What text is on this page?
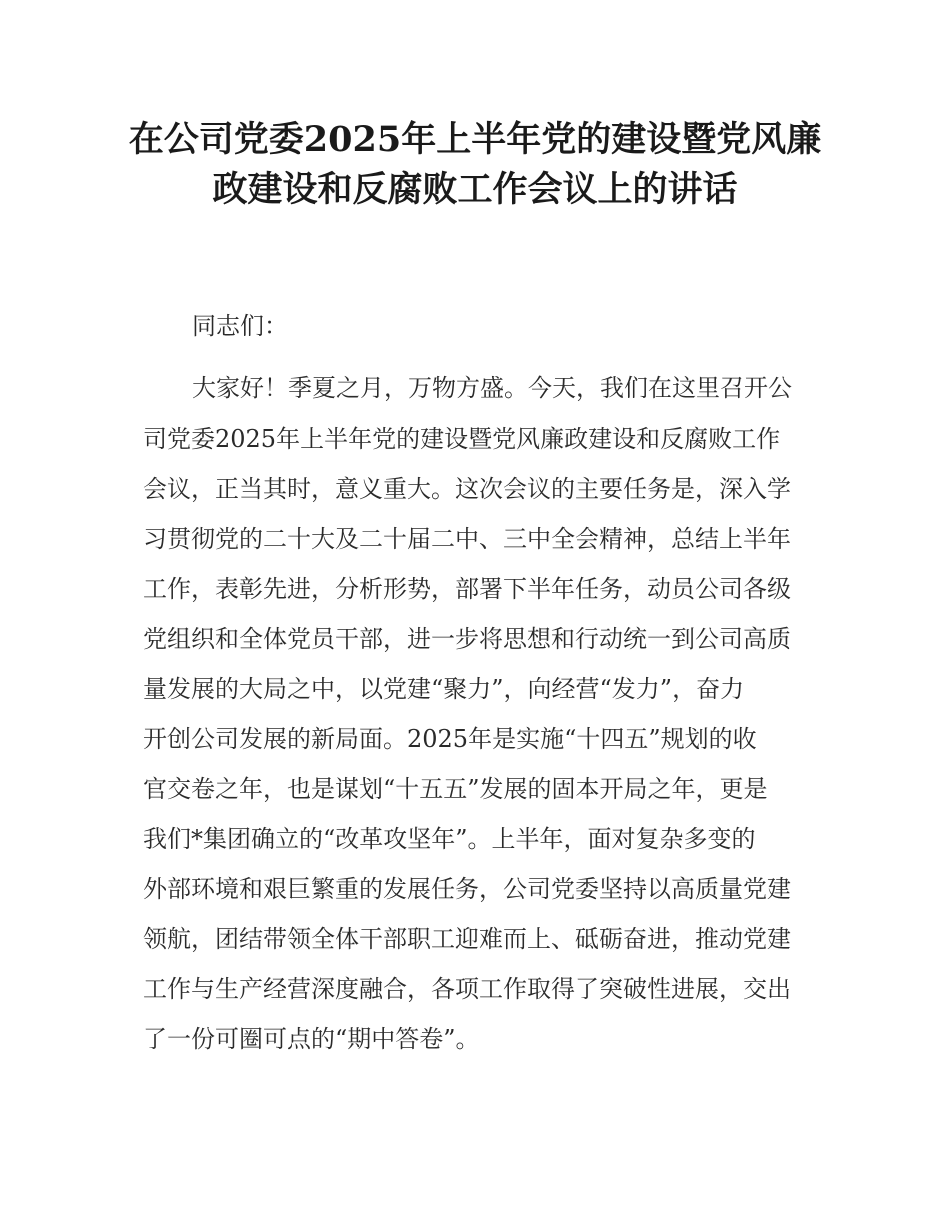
在公司党委2025年上半年党的建设暨党风廉
政建设和反腐败工作会议上的讲话
同志们：
大家好！季夏之月，万物方盛。今天，我们在这里召开公
司党委2025年上半年党的建设暨党风廉政建设和反腐败工作
会议，正当其时，意义重大。这次会议的主要任务是，深入学
习贯彻党的二十大及二十届二中、三中全会精神，总结上半年
工作，表彰先进，分析形势，部署下半年任务，动员公司各级
党组织和全体党员干部，进一步将思想和行动统一到公司高质
量发展的大局之中，以党建“聚力”，向经营“发力”，奋力
开创公司发展的新局面。2025年是实施“十四五”规划的收
官交卷之年，也是谋划“十五五”发展的固本开局之年，更是
我们*集团确立的“改革攻坚年”。上半年，面对复杂多变的
外部环境和艰巨繁重的发展任务，公司党委坚持以高质量党建
领航，团结带领全体干部职工迎难而上、砥砺奋进，推动党建
工作与生产经营深度融合，各项工作取得了突破性进展，交出
了一份可圈可点的“期中答卷”。
